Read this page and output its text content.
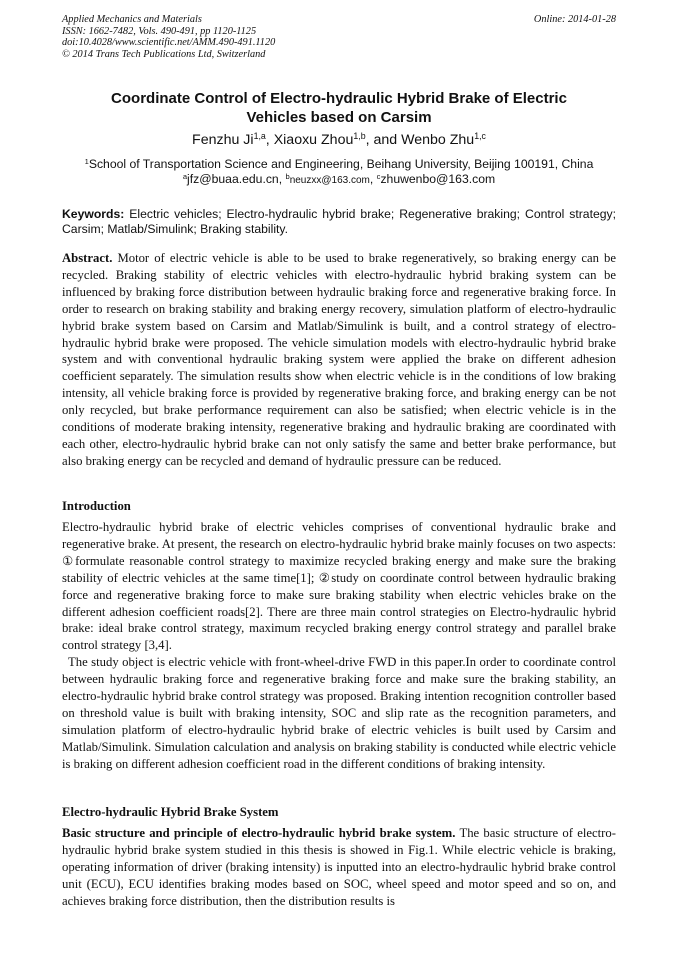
Applied Mechanics and Materials
ISSN: 1662-7482, Vols. 490-491, pp 1120-1125
doi:10.4028/www.scientific.net/AMM.490-491.1120
© 2014 Trans Tech Publications Ltd, Switzerland
Online: 2014-01-28
Coordinate Control of Electro-hydraulic Hybrid Brake of Electric
Vehicles based on Carsim
Fenzhu Ji$^{1,a}$, Xiaoxu Zhou$^{1,b}$, and Wenbo Zhu$^{1,c}$
$^1$School of Transportation Science and Engineering, Beihang University, Beijing 100191, China
$^a$jfz@buaa.edu.cn, $^b$neuzxx@163.com, $^c$zhuwenbo@163.com
Keywords: Electric vehicles; Electro-hydraulic hybrid brake; Regenerative braking; Control strategy; Carsim; Matlab/Simulink; Braking stability.

Abstract. Motor of electric vehicle is able to be used to brake regeneratively, so braking energy can be recycled. Braking stability of electric vehicles with electro-hydraulic hybrid braking system can be influenced by braking force distribution between hydraulic braking force and regenerative braking force. In order to research on braking stability and braking energy recovery, simulation platform of electro-hydraulic hybrid brake system based on Carsim and Matlab/Simulink is built, and a control strategy of electro-hydraulic hybrid brake were proposed. The vehicle simulation models with electro-hydraulic hybrid brake system and with conventional hydraulic braking system were applied the brake on different adhesion coefficient separately. The simulation results show when electric vehicle is in the conditions of low braking intensity, all vehicle braking force is provided by regenerative braking force, and braking energy can be not only recycled, but brake performance requirement can also be satisfied; when electric vehicle is in the conditions of moderate braking intensity, regenerative braking and hydraulic braking are coordinated with each other, electro-hydraulic hybrid brake can not only satisfy the same and better brake performance, but also braking energy can be recycled and demand of hydraulic pressure can be reduced.

Introduction

Electro-hydraulic hybrid brake of electric vehicles comprises of conventional hydraulic brake and regenerative brake. At present, the research on electro-hydraulic hybrid brake mainly focuses on two aspects: ①formulate reasonable control strategy to maximize recycled braking energy and make sure the braking stability of electric vehicles at the same time[1]; ②study on coordinate control between hydraulic braking force and regenerative braking force to make sure braking stability when electric vehicles brake on the different adhesion coefficient roads[2]. There are three main control strategies on Electro-hydraulic hybrid brake: ideal brake control strategy, maximum recycled braking energy control strategy and parallel brake control strategy [3,4].

The study object is electric vehicle with front-wheel-drive FWD in this paper.In order to coordinate control between hydraulic braking force and regenerative braking force and make sure the braking stability, an electro-hydraulic hybrid brake control strategy was proposed. Braking intention recognition controller based on threshold value is built with braking intensity, SOC and slip rate as the recognition parameters, and simulation platform of electro-hydraulic hybrid brake of electric vehicles is built used by Carsim and Matlab/Simulink. Simulation calculation and analysis on braking stability is conducted while electric vehicle is braking on different adhesion coefficient road in the different conditions of braking intensity.

Electro-hydraulic Hybrid Brake System

Basic structure and principle of electro-hydraulic hybrid brake system. The basic structure of electro-hydraulic hybrid brake system studied in this thesis is showed in Fig.1. While electric vehicle is braking, operating information of driver (braking intensity) is inputted into an electro-hydraulic hybrid brake control unit (ECU), ECU identifies braking modes based on SOC, wheel speed and motor speed and so on, and achieves braking force distribution, then the distribution results is
